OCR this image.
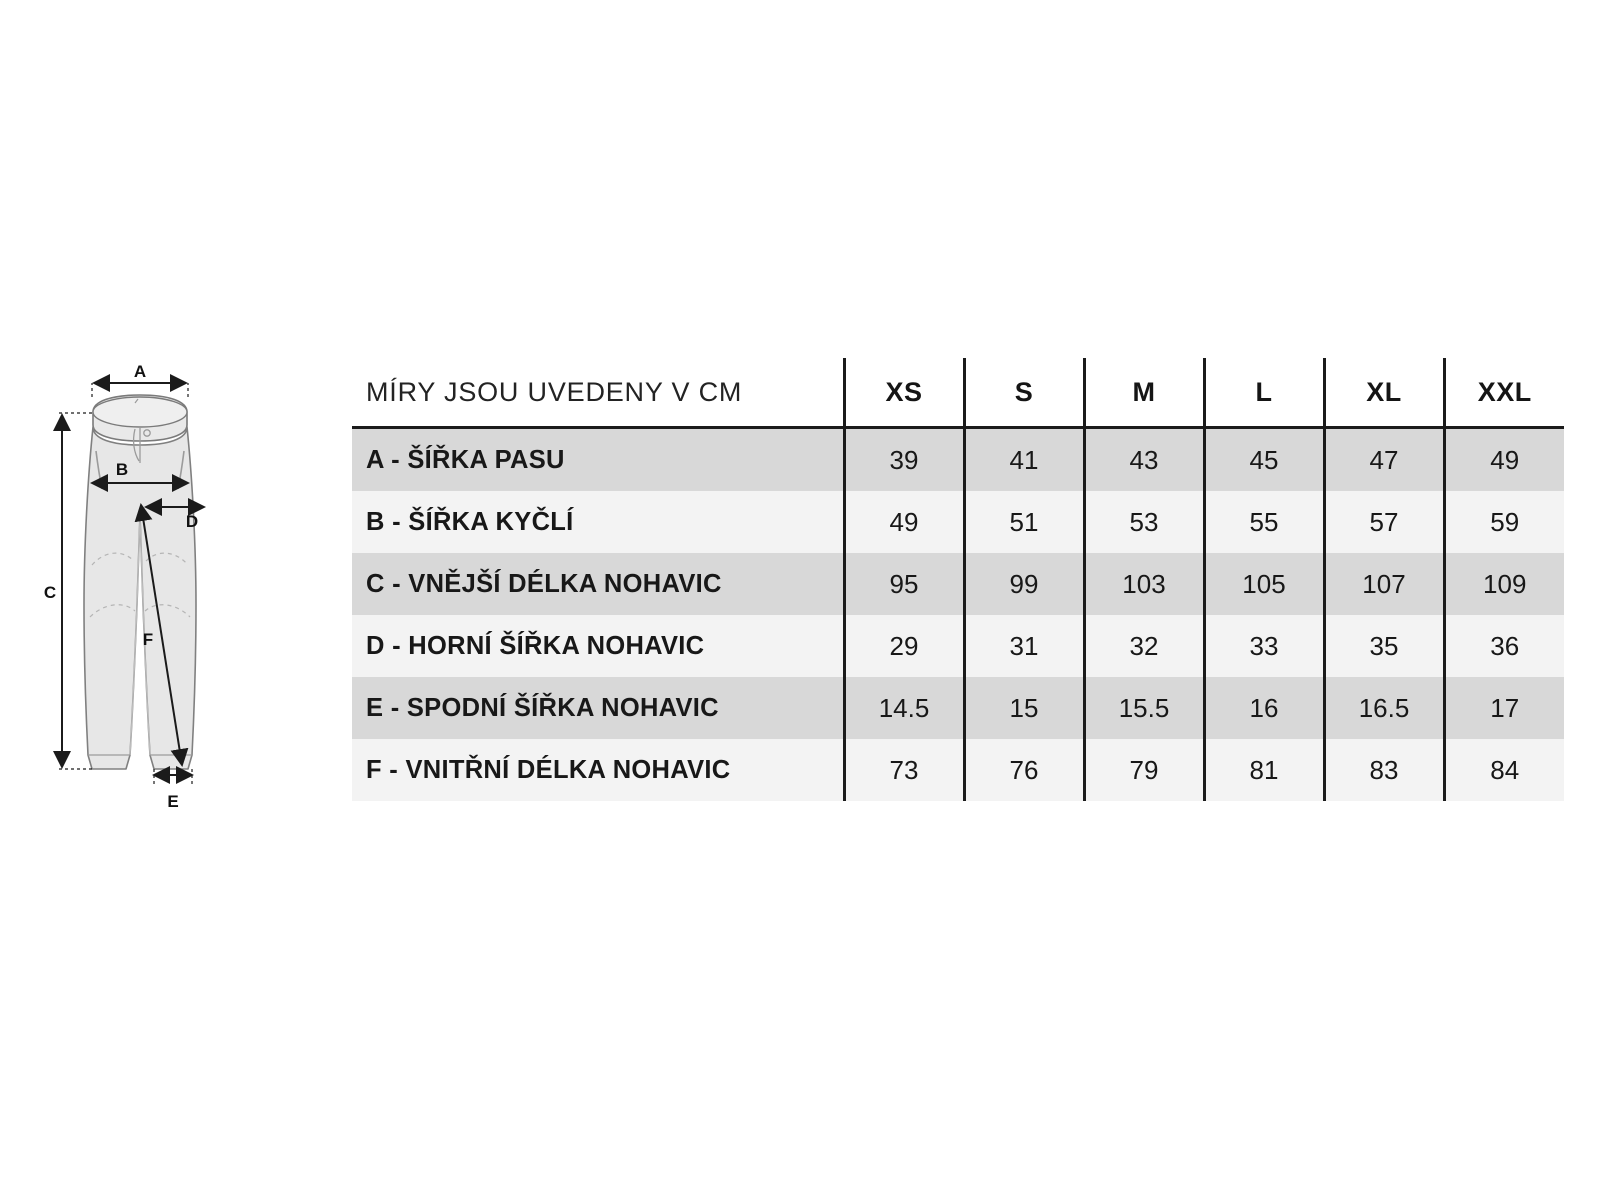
A
B
D
C
F
E
MÍRY JSOU UVEDENY V CM	XS	S	M	L	XL	XXL
A - ŠÍŘKA PASU	39	41	43	45	47	49
B - ŠÍŘKA KYČLÍ	49	51	53	55	57	59
C - VNĚJŠÍ DÉLKA NOHAVIC	95	99	103	105	107	109
D - HORNÍ ŠÍŘKA NOHAVIC	29	31	32	33	35	36
E - SPODNÍ ŠÍŘKA NOHAVIC	14.5	15	15.5	16	16.5	17
F - VNITŘNÍ DÉLKA NOHAVIC	73	76	79	81	83	84
